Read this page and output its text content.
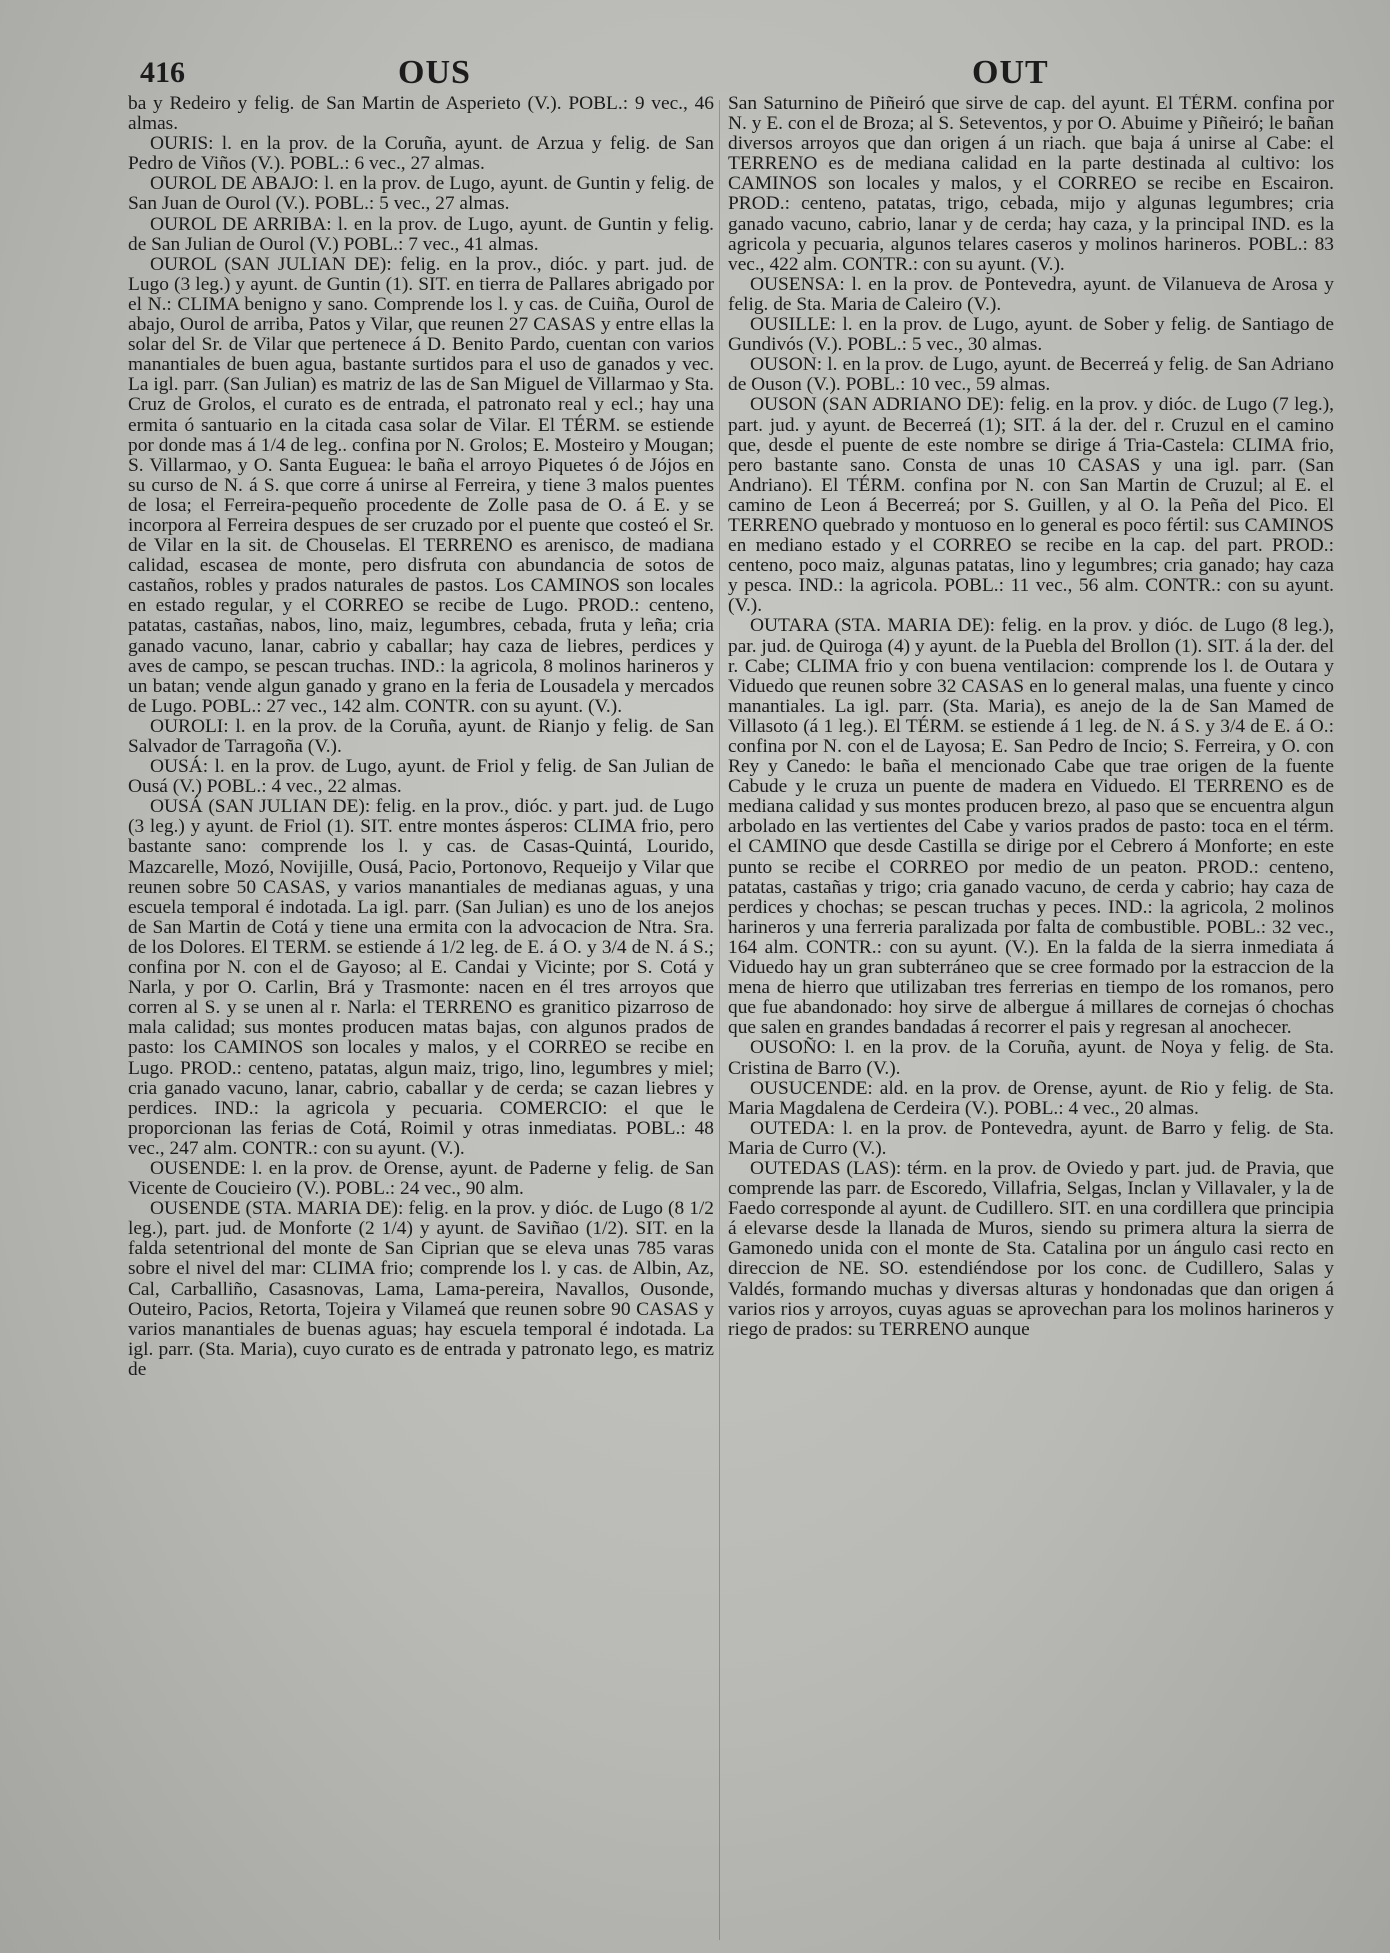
416	OUS	OUT

ba y Redeiro y felig. de San Martin de Asperieto (V.). POBL.: 9 vec., 46 almas.

OURIS: l. en la prov. de la Coruña, ayunt. de Arzua y felig. de San Pedro de Viños (V.). POBL.: 6 vec., 27 almas.

OUROL DE ABAJO: l. en la prov. de Lugo, ayunt. de Guntin y felig. de San Juan de Ourol (V.). POBL.: 5 vec., 27 almas.

OUROL DE ARRIBA: l. en la prov. de Lugo, ayunt. de Guntin y felig. de San Julian de Ourol (V.) POBL.: 7 vec., 41 almas.

OUROL (SAN JULIAN DE): felig. en la prov., dióc. y part. jud. de Lugo (3 leg.) y ayunt. de Guntin (1). SIT. en tierra de Pallares abrigado por el N.: CLIMA benigno y sano. Comprende los l. y cas. de Cuiña, Ourol de abajo, Ourol de arriba, Patos y Vilar, que reunen 27 CASAS y entre ellas la solar del Sr. de Vilar que pertenece á D. Benito Pardo, cuentan con varios manantiales de buen agua, bastante surtidos para el uso de ganados y vec. La igl. parr. (San Julian) es matriz de las de San Miguel de Villarmao y Sta. Cruz de Grolos, el curato es de entrada, el patronato real y ecl.; hay una ermita ó santuario en la citada casa solar de Vilar. El TÉRM. se estiende por donde mas á 1/4 de leg.. confina por N. Grolos; E. Mosteiro y Mougan; S. Villarmao, y O. Santa Euguea: le baña el arroyo Piquetes ó de Jójos en su curso de N. á S. que corre á unirse al Ferreira, y tiene 3 malos puentes de losa; el Ferreira-pequeño procedente de Zolle pasa de O. á E. y se incorpora al Ferreira despues de ser cruzado por el puente que costeó el Sr. de Vilar en la sit. de Chouselas. El TERRENO es arenisco, de madiana calidad, escasea de monte, pero disfruta con abundancia de sotos de castaños, robles y prados naturales de pastos. Los CAMINOS son locales en estado regular, y el CORREO se recibe de Lugo. PROD.: centeno, patatas, castañas, nabos, lino, maiz, legumbres, cebada, fruta y leña; cria ganado vacuno, lanar, cabrio y caballar; hay caza de liebres, perdices y aves de campo, se pescan truchas. IND.: la agricola, 8 molinos harineros y un batan; vende algun ganado y grano en la feria de Lousadela y mercados de Lugo. POBL.: 27 vec., 142 alm. CONTR. con su ayunt. (V.).

OUROLI: l. en la prov. de la Coruña, ayunt. de Rianjo y felig. de San Salvador de Tarragoña (V.).

OUSÁ: l. en la prov. de Lugo, ayunt. de Friol y felig. de San Julian de Ousá (V.) POBL.: 4 vec., 22 almas.

OUSÁ (SAN JULIAN DE): felig. en la prov., dióc. y part. jud. de Lugo (3 leg.) y ayunt. de Friol (1). SIT. entre montes ásperos: CLIMA frio, pero bastante sano: comprende los l. y cas. de Casas-Quintá, Lourido, Mazcarelle, Mozó, Novijille, Ousá, Pacio, Portonovo, Requeijo y Vilar que reunen sobre 50 CASAS, y varios manantiales de medianas aguas, y una escuela temporal é indotada. La igl. parr. (San Julian) es uno de los anejos de San Martin de Cotá y tiene una ermita con la advocacion de Ntra. Sra. de los Dolores. El TERM. se estiende á 1/2 leg. de E. á O. y 3/4 de N. á S.; confina por N. con el de Gayoso; al E. Candai y Vicinte; por S. Cotá y Narla, y por O. Carlin, Brá y Trasmonte: nacen en él tres arroyos que corren al S. y se unen al r. Narla: el TERRENO es granitico pizarroso de mala calidad; sus montes producen matas bajas, con algunos prados de pasto: los CAMINOS son locales y malos, y el CORREO se recibe en Lugo. PROD.: centeno, patatas, algun maiz, trigo, lino, legumbres y miel; cria ganado vacuno, lanar, cabrio, caballar y de cerda; se cazan liebres y perdices. IND.: la agricola y pecuaria. COMERCIO: el que le proporcionan las ferias de Cotá, Roimil y otras inmediatas. POBL.: 48 vec., 247 alm. CONTR.: con su ayunt. (V.).

OUSENDE: l. en la prov. de Orense, ayunt. de Paderne y felig. de San Vicente de Coucieiro (V.). POBL.: 24 vec., 90 alm.

OUSENDE (STA. MARIA DE): felig. en la prov. y dióc. de Lugo (8 1/2 leg.), part. jud. de Monforte (2 1/4) y ayunt. de Saviñao (1/2). SIT. en la falda setentrional del monte de San Ciprian que se eleva unas 785 varas sobre el nivel del mar: CLIMA frio; comprende los l. y cas. de Albin, Az, Cal, Carballiño, Casasnovas, Lama, Lama-pereira, Navallos, Ousonde, Outeiro, Pacios, Retorta, Tojeira y Vilameá que reunen sobre 90 CASAS y varios manantiales de buenas aguas; hay escuela temporal é indotada. La igl. parr. (Sta. Maria), cuyo curato es de entrada y patronato lego, es matriz de

San Saturnino de Piñeiró que sirve de cap. del ayunt. El TÉRM. confina por N. y E. con el de Broza; al S. Seteventos, y por O. Abuime y Piñeiró; le bañan diversos arroyos que dan origen á un riach. que baja á unirse al Cabe: el TERRENO es de mediana calidad en la parte destinada al cultivo: los CAMINOS son locales y malos, y el CORREO se recibe en Escairon. PROD.: centeno, patatas, trigo, cebada, mijo y algunas legumbres; cria ganado vacuno, cabrio, lanar y de cerda; hay caza, y la principal IND. es la agricola y pecuaria, algunos telares caseros y molinos harineros. POBL.: 83 vec., 422 alm. CONTR.: con su ayunt. (V.).

OUSENSA: l. en la prov. de Pontevedra, ayunt. de Vilanueva de Arosa y felig. de Sta. Maria de Caleiro (V.).

OUSILLE: l. en la prov. de Lugo, ayunt. de Sober y felig. de Santiago de Gundivós (V.). POBL.: 5 vec., 30 almas.

OUSON: l. en la prov. de Lugo, ayunt. de Becerreá y felig. de San Adriano de Ouson (V.). POBL.: 10 vec., 59 almas.

OUSON (SAN ADRIANO DE): felig. en la prov. y dióc. de Lugo (7 leg.), part. jud. y ayunt. de Becerreá (1); SIT. á la der. del r. Cruzul en el camino que, desde el puente de este nombre se dirige á Tria-Castela: CLIMA frio, pero bastante sano. Consta de unas 10 CASAS y una igl. parr. (San Andriano). El TÉRM. confina por N. con San Martin de Cruzul; al E. el camino de Leon á Becerreá; por S. Guillen, y al O. la Peña del Pico. El TERRENO quebrado y montuoso en lo general es poco fértil: sus CAMINOS en mediano estado y el CORREO se recibe en la cap. del part. PROD.: centeno, poco maiz, algunas patatas, lino y legumbres; cria ganado; hay caza y pesca. IND.: la agricola. POBL.: 11 vec., 56 alm. CONTR.: con su ayunt. (V.).

OUTARA (STA. MARIA DE): felig. en la prov. y dióc. de Lugo (8 leg.), par. jud. de Quiroga (4) y ayunt. de la Puebla del Brollon (1). SIT. á la der. del r. Cabe; CLIMA frio y con buena ventilacion: comprende los l. de Outara y Viduedo que reunen sobre 32 CASAS en lo general malas, una fuente y cinco manantiales. La igl. parr. (Sta. Maria), es anejo de la de San Mamed de Villasoto (á 1 leg.). El TÉRM. se estiende á 1 leg. de N. á S. y 3/4 de E. á O.: confina por N. con el de Layosa; E. San Pedro de Incio; S. Ferreira, y O. con Rey y Canedo: le baña el mencionado Cabe que trae origen de la fuente Cabude y le cruza un puente de madera en Viduedo. El TERRENO es de mediana calidad y sus montes producen brezo, al paso que se encuentra algun arbolado en las vertientes del Cabe y varios prados de pasto: toca en el térm. el CAMINO que desde Castilla se dirige por el Cebrero á Monforte; en este punto se recibe el CORREO por medio de un peaton. PROD.: centeno, patatas, castañas y trigo; cria ganado vacuno, de cerda y cabrio; hay caza de perdices y chochas; se pescan truchas y peces. IND.: la agricola, 2 molinos harineros y una ferreria paralizada por falta de combustible. POBL.: 32 vec., 164 alm. CONTR.: con su ayunt. (V.). En la falda de la sierra inmediata á Viduedo hay un gran subterráneo que se cree formado por la estraccion de la mena de hierro que utilizaban tres ferrerias en tiempo de los romanos, pero que fue abandonado: hoy sirve de albergue á millares de cornejas ó chochas que salen en grandes bandadas á recorrer el pais y regresan al anochecer.

OUSOÑO: l. en la prov. de la Coruña, ayunt. de Noya y felig. de Sta. Cristina de Barro (V.).

OUSUCENDE: ald. en la prov. de Orense, ayunt. de Rio y felig. de Sta. Maria Magdalena de Cerdeira (V.). POBL.: 4 vec., 20 almas.

OUTEDA: l. en la prov. de Pontevedra, ayunt. de Barro y felig. de Sta. Maria de Curro (V.).

OUTEDAS (LAS): térm. en la prov. de Oviedo y part. jud. de Pravia, que comprende las parr. de Escoredo, Villafria, Selgas, Inclan y Villavaler, y la de Faedo corresponde al ayunt. de Cudillero. SIT. en una cordillera que principia á elevarse desde la llanada de Muros, siendo su primera altura la sierra de Gamonedo unida con el monte de Sta. Catalina por un ángulo casi recto en direccion de NE. SO. estendiéndose por los conc. de Cudillero, Salas y Valdés, formando muchas y diversas alturas y hondonadas que dan origen á varios rios y arroyos, cuyas aguas se aprovechan para los molinos harineros y riego de prados: su TERRENO aunque
